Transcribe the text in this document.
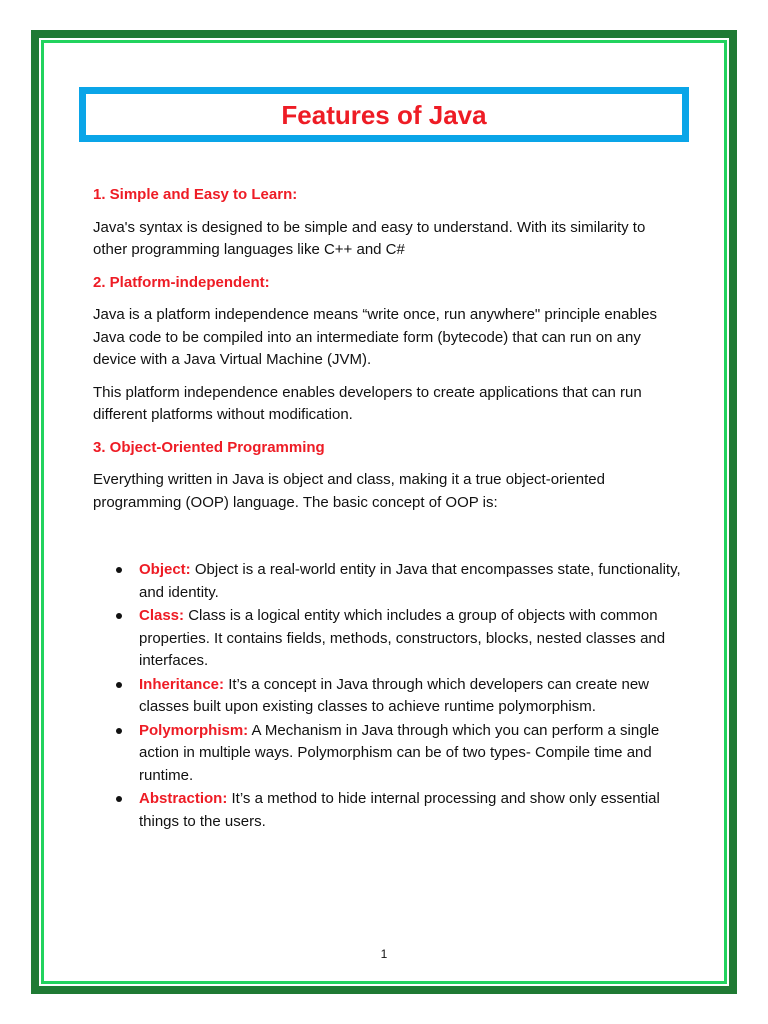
Features of Java

1. Simple and Easy to Learn:

Java's syntax is designed to be simple and easy to understand. With its similarity to other programming languages like C++ and C#

2. Platform-independent:

Java is a platform independence means “write once, run anywhere" principle enables Java code to be compiled into an intermediate form (bytecode) that can run on any device with a Java Virtual Machine (JVM).

This platform independence enables developers to create applications that can run different platforms without modification.

3. Object-Oriented Programming

Everything written in Java is object and class, making it a true object-oriented programming (OOP) language. The basic concept of OOP is:

Object: Object is a real-world entity in Java that encompasses state, functionality, and identity.
Class: Class is a logical entity which includes a group of objects with common properties. It contains fields, methods, constructors, blocks, nested classes and interfaces.
Inheritance: It’s a concept in Java through which developers can create new classes built upon existing classes to achieve runtime polymorphism.
Polymorphism: A Mechanism in Java through which you can perform a single action in multiple ways. Polymorphism can be of two types- Compile time and runtime.
Abstraction: It’s a method to hide internal processing and show only essential things to the users.
1
